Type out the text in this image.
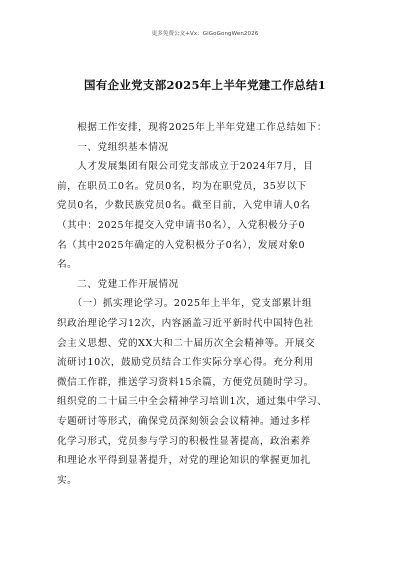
更多免费公文+Vx：GiGoGongWen2026
国有企业党支部2025年上半年党建工作总结1
　　根据工作安排，现将2025年上半年党建工作总结如下：
　　一、党组织基本情况
　　人才发展集团有限公司党支部成立于2024年7月，目
前，在职员工0名。党员0名，均为在职党员，35岁以下
党员0名，少数民族党员0名。截至目前，入党申请人0名
（其中：2025年提交入党申请书0名），入党积极分子0
名（其中2025年确定的入党积极分子0名），发展对象0
名。
　　二、党建工作开展情况
　　（一）抓实理论学习。2025年上半年，党支部累计组
织政治理论学习12次，内容涵盖习近平新时代中国特色社
会主义思想、党的XX大和二十届历次全会精神等。开展交
流研讨10次，鼓励党员结合工作实际分享心得。充分利用
微信工作群，推送学习资料15余篇，方便党员随时学习。
组织党的二十届三中全会精神学习培训1次，通过集中学习、
专题研讨等形式，确保党员深刻领会会议精神。通过多样
化学习形式，党员参与学习的积极性显著提高，政治素养
和理论水平得到显著提升，对党的理论知识的掌握更加扎
实。
